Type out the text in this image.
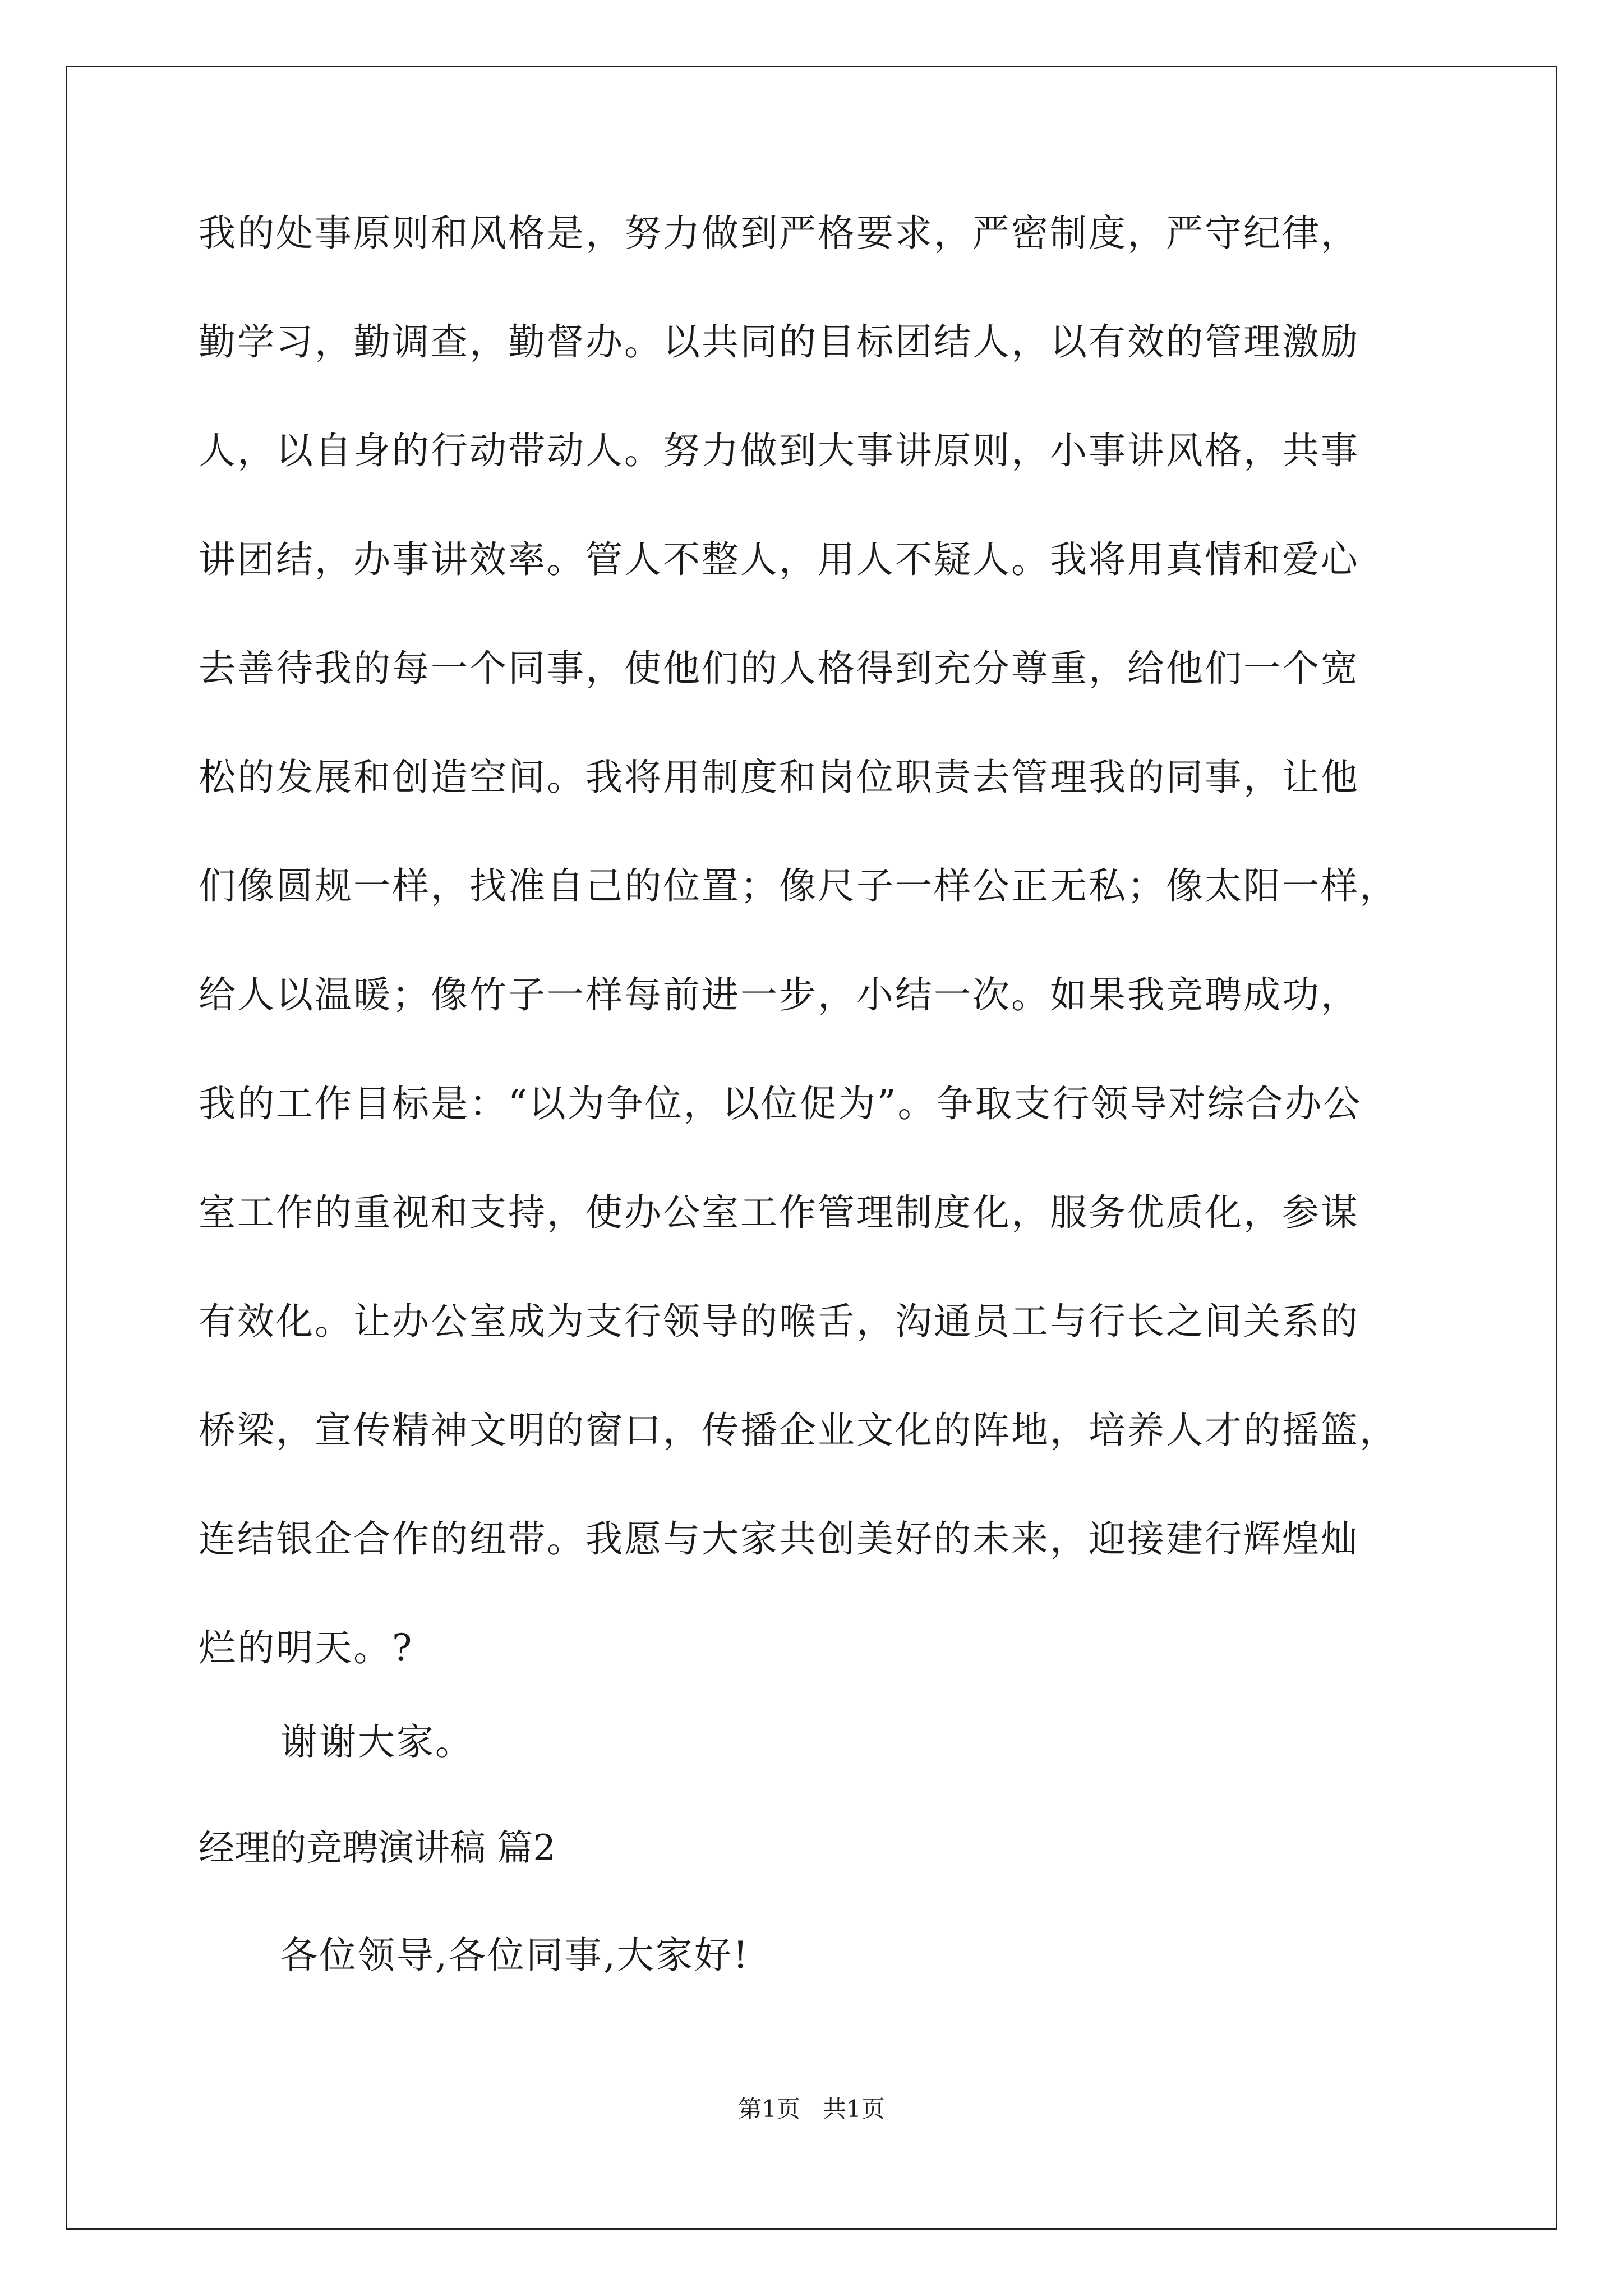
我的处事原则和风格是，努力做到严格要求，严密制度，严守纪律，
勤学习，勤调查，勤督办。以共同的目标团结人，以有效的管理激励
人，以自身的行动带动人。努力做到大事讲原则，小事讲风格，共事
讲团结，办事讲效率。管人不整人，用人不疑人。我将用真情和爱心
去善待我的每一个同事，使他们的人格得到充分尊重，给他们一个宽
松的发展和创造空间。我将用制度和岗位职责去管理我的同事，让他
们像圆规一样，找准自己的位置；像尺子一样公正无私；像太阳一样，
给人以温暖；像竹子一样每前进一步，小结一次。如果我竞聘成功，
我的工作目标是：“以为争位，以位促为”。争取支行领导对综合办公
室工作的重视和支持，使办公室工作管理制度化，服务优质化，参谋
有效化。让办公室成为支行领导的喉舌，沟通员工与行长之间关系的
桥梁，宣传精神文明的窗口，传播企业文化的阵地，培养人才的摇篮，
连结银企合作的纽带。我愿与大家共创美好的未来，迎接建行辉煌灿
烂的明天。?
谢谢大家。
经理的竞聘演讲稿 篇2
各位领导,各位同事,大家好!
第1页   共1页
